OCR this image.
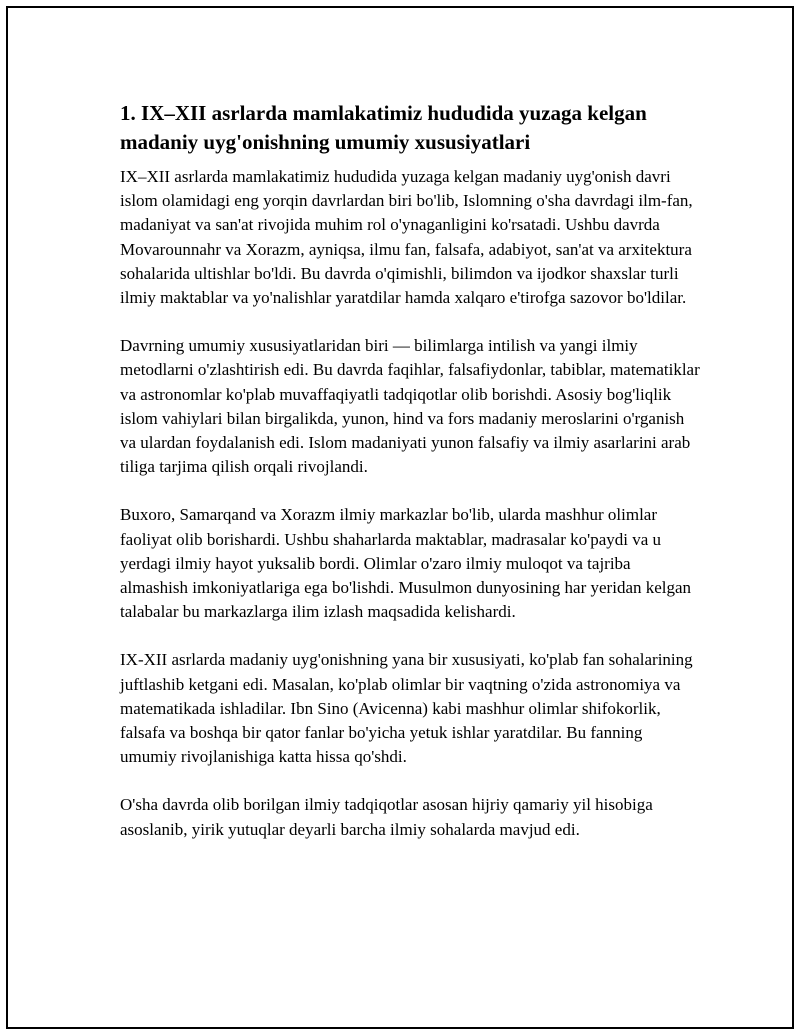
1. IX–XII asrlarda mamlakatimiz hududida yuzaga kelgan madaniy uyg'onishning umumiy xususiyatlari

IX–XII asrlarda mamlakatimiz hududida yuzaga kelgan madaniy uyg'onish davri islom olamidagi eng yorqin davrlardan biri bo'lib, Islomning o'sha davrdagi ilm-fan, madaniyat va san'at rivojida muhim rol o'ynaganligini ko'rsatadi. Ushbu davrda Movarounnahr va Xorazm, ayniqsa, ilmu fan, falsafa, adabiyot, san'at va arxitektura sohalarida ultishlar bo'ldi. Bu davrda o'qimishli, bilimdon va ijodkor shaxslar turli ilmiy maktablar va yo'nalishlar yaratdilar hamda xalqaro e'tirofga sazovor bo'ldilar.

Davrning umumiy xususiyatlaridan biri — bilimlarga intilish va yangi ilmiy metodlarni o'zlashtirish edi. Bu davrda faqihlar, falsafiydonlar, tabiblar, matematiklar va astronomlar ko'plab muvaffaqiyatli tadqiqotlar olib borishdi. Asosiy bog'liqlik islom vahiylari bilan birgalikda, yunon, hind va fors madaniy meroslarini o'rganish va ulardan foydalanish edi. Islom madaniyati yunon falsafiy va ilmiy asarlarini arab tiliga tarjima qilish orqali rivojlandi.

Buxoro, Samarqand va Xorazm ilmiy markazlar bo'lib, ularda mashhur olimlar faoliyat olib borishardi. Ushbu shaharlarda maktablar, madrasalar ko'paydi va u yerdagi ilmiy hayot yuksalib bordi. Olimlar o'zaro ilmiy muloqot va tajriba almashish imkoniyatlariga ega bo'lishdi. Musulmon dunyosining har yeridan kelgan talabalar bu markazlarga ilim izlash maqsadida kelishardi.

IX-XII asrlarda madaniy uyg'onishning yana bir xususiyati, ko'plab fan sohalarining juftlashib ketgani edi. Masalan, ko'plab olimlar bir vaqtning o'zida astronomiya va matematikada ishladilar. Ibn Sino (Avicenna) kabi mashhur olimlar shifokorlik, falsafa va boshqa bir qator fanlar bo'yicha yetuk ishlar yaratdilar. Bu fanning umumiy rivojlanishiga katta hissa qo'shdi.

O'sha davrda olib borilgan ilmiy tadqiqotlar asosan hijriy qamariy yil hisobiga asoslanib, yirik yutuqlar deyarli barcha ilmiy sohalarda mavjud edi.
